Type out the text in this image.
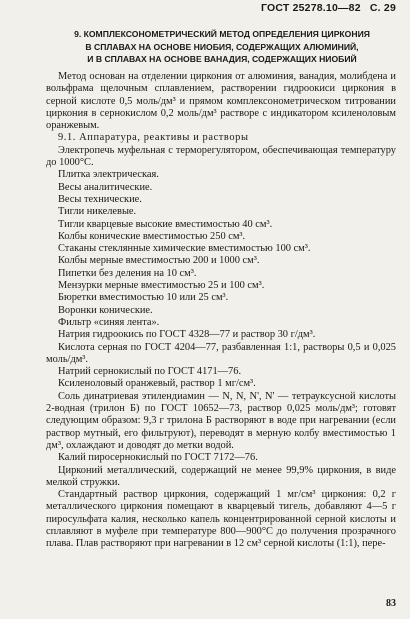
ГОСТ 25278.10—82 С. 29
9. КОМПЛЕКСОНОМЕТРИЧЕСКИЙ МЕТОД ОПРЕДЕЛЕНИЯ ЦИРКОНИЯ
В СПЛАВАХ НА ОСНОВЕ НИОБИЯ, СОДЕРЖАЩИХ АЛЮМИНИЙ,
И В СПЛАВАХ НА ОСНОВЕ ВАНАДИЯ, СОДЕРЖАЩИХ НИОБИЙ

Метод основан на отделении циркония от алюминия, ванадия, молибдена и вольфрама щелочным сплавлением, растворении гидроокиси циркония в серной кислоте 0,5 моль/дм³ и прямом комплексонометрическом титровании циркония в сернокислом 0,2 моль/дм³ растворе с индикатором ксиленоловым оранжевым.

9.1. Аппаратура, реактивы и растворы

Электропечь муфельная с терморегулятором, обеспечивающая температуру до 1000°С.

Плитка электрическая.

Весы аналитические.

Весы технические.

Тигли никелевые.

Тигли кварцевые высокие вместимостью 40 см³.

Колбы конические вместимостью 250 см³.

Стаканы стеклянные химические вместимостью 100 см³.

Колбы мерные вместимостью 200 и 1000 см³.

Пипетки без деления на 10 см³.

Мензурки мерные вместимостью 25 и 100 см³.

Бюретки вместимостью 10 или 25 см³.

Воронки конические.

Фильтр «синяя лента».

Натрия гидроокись по ГОСТ 4328—77 и раствор 30 г/дм³.

Кислота серная по ГОСТ 4204—77, разбавленная 1:1, растворы 0,5 и 0,025 моль/дм³.

Натрий сернокислый по ГОСТ 4171—76.

Ксиленоловый оранжевый, раствор 1 мг/см³.

Соль динатриевая этилендиамин — N, N, N', N' — тетрауксусной кислоты 2-водная (трилон Б) по ГОСТ 10652—73, раствор 0,025 моль/дм³; готовят следующим образом: 9,3 г трилона Б растворяют в воде при нагревании (если раствор мутный, его фильтруют), переводят в мерную колбу вместимостью 1 дм³, охлаждают и доводят до метки водой.

Калий пиросернокислый по ГОСТ 7172—76.

Цирконий металлический, содержащий не менее 99,9% циркония, в виде мелкой стружки.

Стандартный раствор циркония, содержащий 1 мг/см³ циркония: 0,2 г металлического циркония помещают в кварцевый тигель, добавляют 4—5 г пиросульфата калия, несколько капель концентрированной серной кислоты и сплавляют в муфеле при температуре 800—900°С до получения прозрачного плава. Плав растворяют при нагревании в 12 см³ серной кислоты (1:1), пере-

83
